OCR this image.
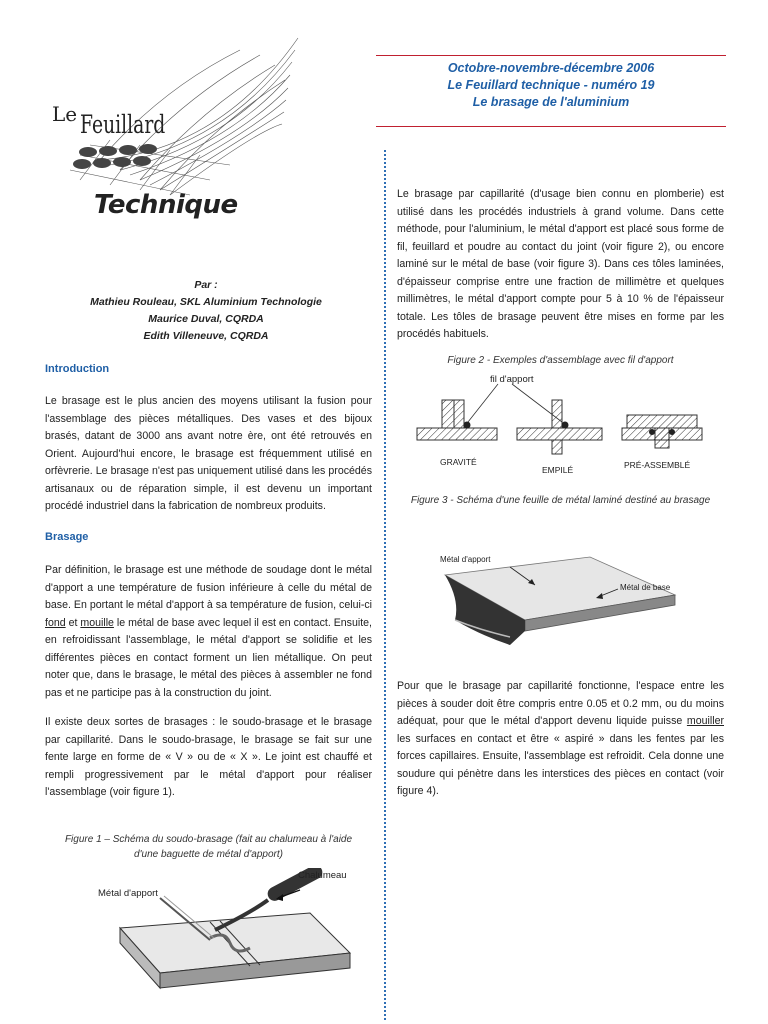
Octobre-novembre-décembre 2006
Le Feuillard technique - numéro 19
Le brasage de l'aluminium
Le Feuillard
Technique
Par :
Mathieu Rouleau, SKL Aluminium Technologie
Maurice Duval, CQRDA
Edith Villeneuve, CQRDA
Introduction

Le brasage est le plus ancien des moyens utilisant la fusion pour l'assemblage des pièces métalliques. Des vases et des bijoux brasés, datant de 3000 ans avant notre ère, ont été retrouvés en Orient. Aujourd'hui encore, le brasage est fréquemment utilisé en orfèvrerie. Le brasage n'est pas uniquement utilisé dans les procédés artisanaux ou de réparation simple, il est devenu un important procédé industriel dans la fabrication de nombreux produits.

Brasage

Par définition, le brasage est une méthode de soudage dont le métal d'apport a une température de fusion inférieure à celle du métal de base. En portant le métal d'apport à sa température de fusion, celui-ci fond et mouille le métal de base avec lequel il est en contact. Ensuite, en refroidissant l'assemblage, le métal d'apport se solidifie et les différentes pièces en contact forment un lien métallique. On peut noter que, dans le brasage, le métal des pièces à assembler ne fond pas et ne participe pas à la construction du joint.

Il existe deux sortes de brasages : le soudo-brasage et le brasage par capillarité. Dans le soudo-brasage, le brasage se fait sur une fente large en forme de « V » ou de « X ». Le joint est chauffé et rempli progressivement par le métal d'apport pour réaliser l'assemblage (voir figure 1).

Figure 1 – Schéma du soudo-brasage (fait au chalumeau à l'aide
d'une baguette de métal d'apport)
Chalumeau
Métal d'apport

Le brasage par capillarité (d'usage bien connu en plomberie) est utilisé dans les procédés industriels à grand volume. Dans cette méthode, pour l'aluminium, le métal d'apport est placé sous forme de fil, feuillard et poudre au contact du joint (voir figure 2), ou encore laminé sur le métal de base (voir figure 3). Dans ces tôles laminées, d'épaisseur comprise entre une fraction de millimètre et quelques millimètres, le métal d'apport compte pour 5 à 10 % de l'épaisseur totale. Les tôles de brasage peuvent être mises en forme par les procédés habituels.

Figure 2 - Exemples d'assemblage avec fil d'apport
fil d'apport
GRAVITÉ
EMPILÉ	PRÉ-ASSEMBLÉ
Figure 3 - Schéma d'une feuille de métal laminé destiné au brasage
Métal d'apport
Métal de base

Pour que le brasage par capillarité fonctionne, l'espace entre les pièces à souder doit être compris entre 0.05 et 0.2 mm, ou du moins adéquat, pour que le métal d'apport devenu liquide puisse mouiller les surfaces en contact et être « aspiré » dans les fentes par les forces capillaires. Ensuite, l'assemblage est refroidit. Cela donne une soudure qui pénètre dans les interstices des pièces en contact (voir figure 4).
